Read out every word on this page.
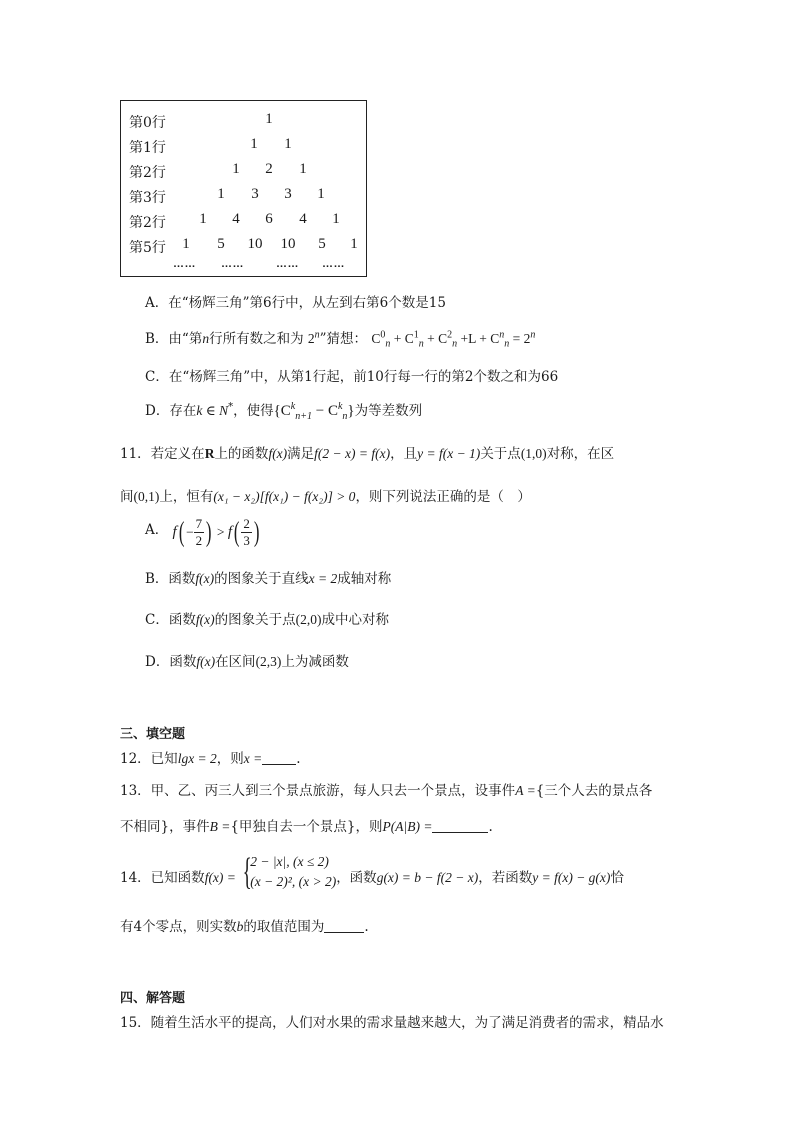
第0行	1
第1行	1	1
第2行	1	2	1
第3行	1	3	3	1
第2行	1	4	6	4	1
第5行	1	5	10	10	5	1
…… ……	…… ……
A．在“杨辉三角”第6行中，从左到右第6个数是15
B．由“第n行所有数之和为 2$^n$”猜想： $C^0_n + C^1_n + C^2_n +L + C^n_n = 2^n$
C．在“杨辉三角”中，从第1行起，前10行每一行的第2个数之和为66
D．存在k ∈ N*，使得$\{C^k_{n+1} - C^k_n\}$为等差数列
11．若定义在R上的函数f(x)满足f(2 − x) = f(x)，且y = f(x − 1)关于点(1,0)对称，在区
间(0,1)上，恒有(x₁ − x₂)[f(x₁) − f(x₂)] > 0，则下列说法正确的是（　）
A． $f( - \frac{7}{2}$ ) > $f( \frac{2}{3}$ )
B．函数f(x)的图象关于直线x = 2成轴对称
C．函数f(x)的图象关于点(2,0)成中心对称
D．函数f(x)在区间(2,3)上为减函数
三、填空题
12．已知lgx = 2，则x =	.
13．甲、乙、丙三人到三个景点旅游，每人只去一个景点，设事件A ={三个人去的景点各
不相同}，事件B ={甲独自去一个景点}，则P(A|B) =	.
14．已知函数f(x) = {
2 − |x|, (x ≤ 2)
(x − 2)², (x > 2) ，函数g(x) = b − f(2 − x)，若函数y = f(x) − g(x)恰
有4个零点，则实数b的取值范围为	.
四、解答题
15．随着生活水平的提高，人们对水果的需求量越来越大，为了满足消费者的需求，精品水
